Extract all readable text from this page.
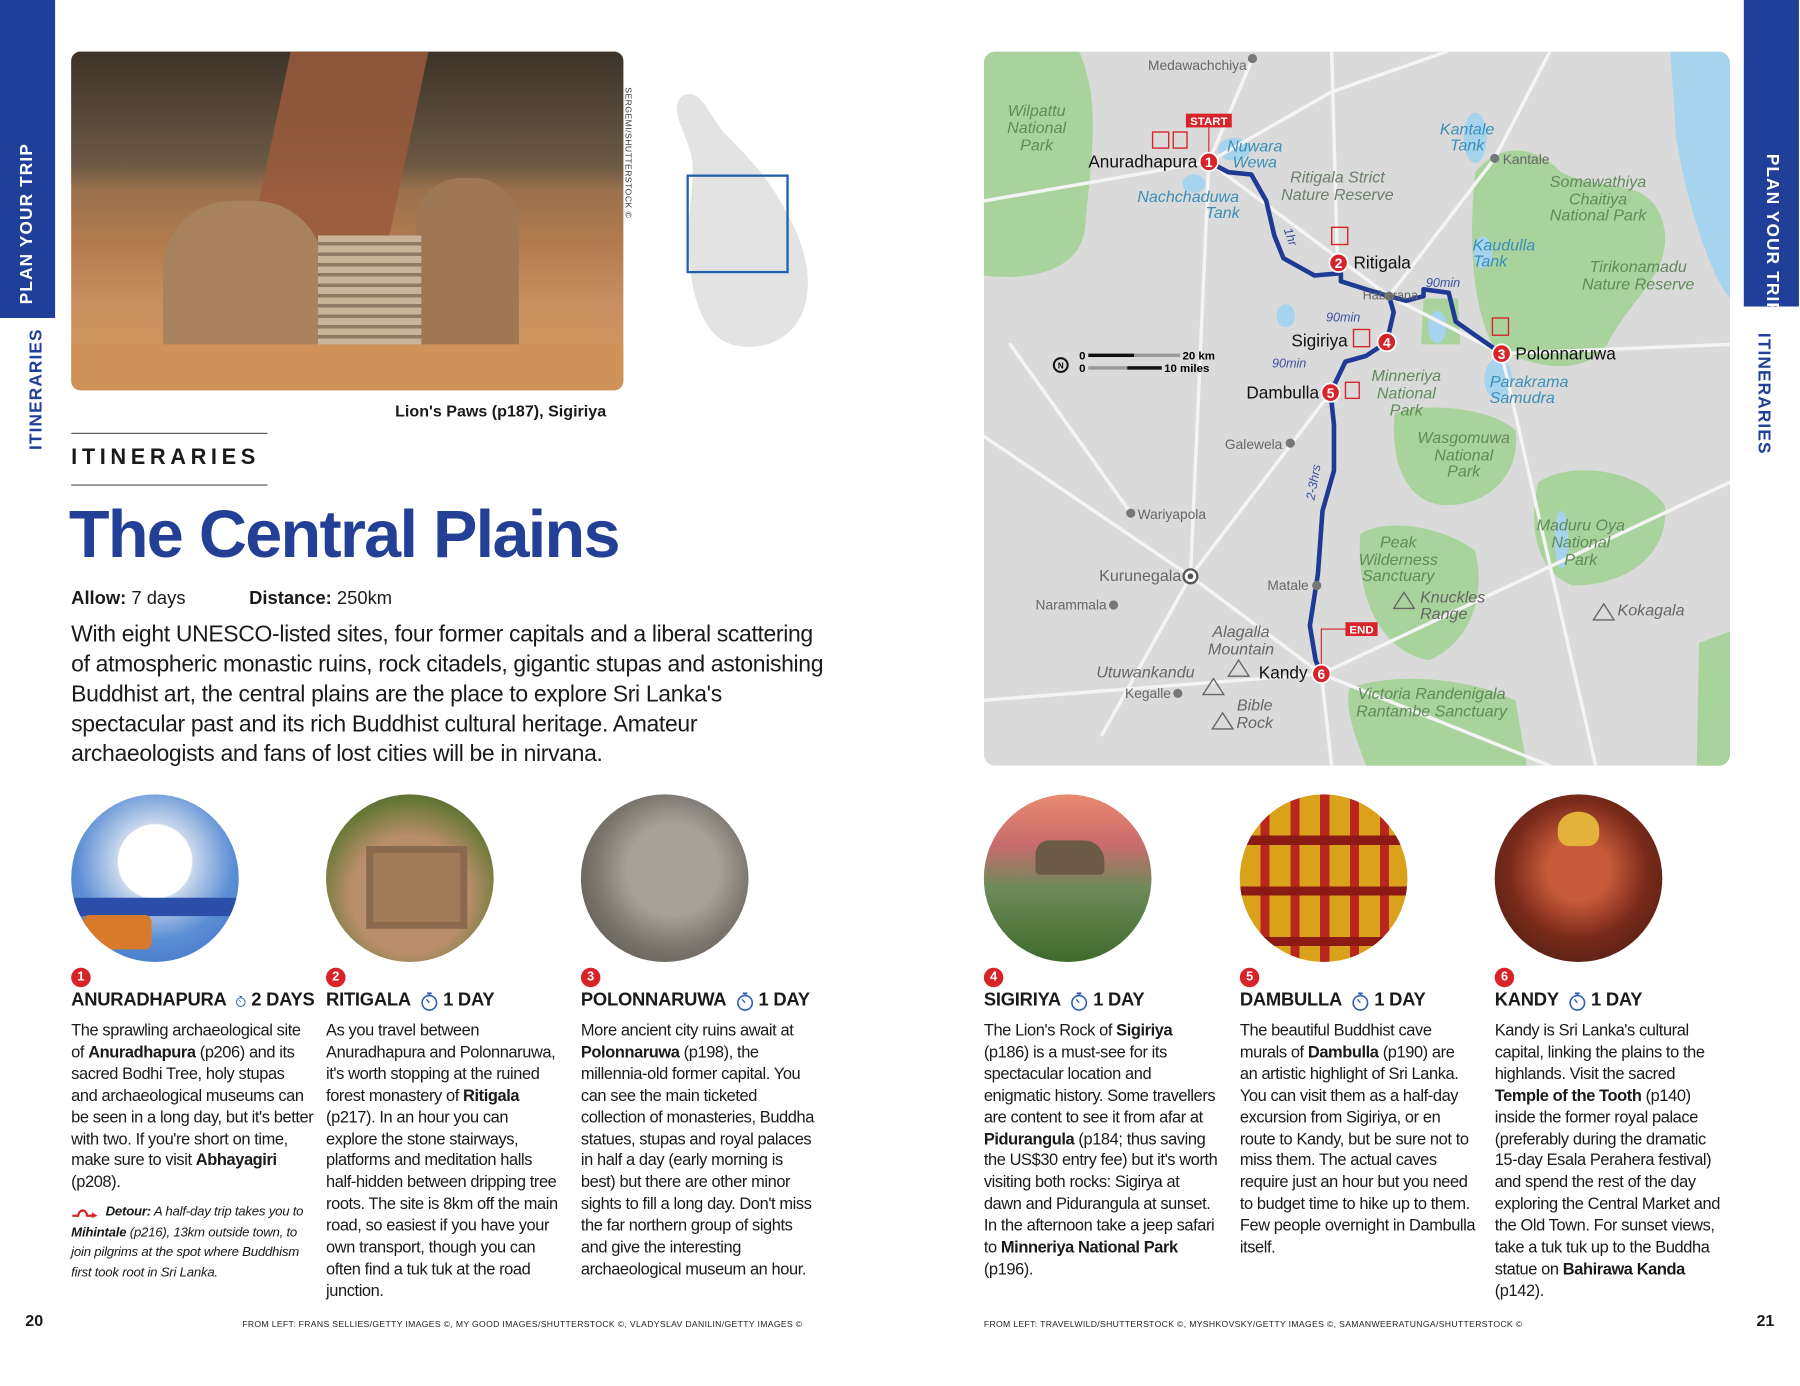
PLAN YOUR TRIP
ITINERARIES
PLAN YOUR TRIP
ITINERARIES
SERGEMI/SHUTTERSTOCK ©
Lion's Paws (p187), Sigiriya
ITINERARIES
The Central Plains
Allow: 7 days	Distance: 250km
With eight UNESCO-listed sites, four former capitals and a liberal scattering of atmospheric monastic ruins, rock citadels, gigantic stupas and astonishing Buddhist art, the central plains are the place to explore Sri Lanka's spectacular past and its rich Buddhist cultural heritage. Amateur archaeologists and fans of lost cities will be in nirvana.
Medawachchiya
Kantale
Habarana
Galewela
Wariyapola
Kurunegala
Matale
Narammala
Kegalle
Wilpattu
National
Park
Ritigala Strict
Nature Reserve
Somawathiya
Chaitiya
National Park
Tirikonamadu
Nature Reserve
Minneriya
National
Park
Wasgomuwa
National
Park
Maduru Oya
National
Park
Peak
Wilderness
Sanctuary
Victoria Randenigala
Rantambe Sanctuary
Nuwara
Wewa
Nachchaduwa
Tank
Kantale
Tank
Kaudulla
Tank
Parakrama
Samudra
Knuckles
Range	Kokagala
Alagalla
Mountain
Utuwankandu
Bible
Rock
1hr
90min
90min
90min
2-3hrs
START
END
1
Anuradhapura
2 Ritigala
3 Polonnaruwa
4
Sigiriya
5
Dambulla
6
Kandy
N
0
0
20 km
10 miles
1
ANURADHAPURA 2 DAYS
The sprawling archaeological site of Anuradhapura (p206) and its sacred Bodhi Tree, holy stupas and archaeological museums can be seen in a long day, but it's better with two. If you're short on time, make sure to visit Abhayagiri (p208).
Detour: A half-day trip takes you to Mihintale (p216), 13km outside town, to join pilgrims at the spot where Buddhism first took root in Sri Lanka.
2
RITIGALA 1 DAY
As you travel between Anuradhapura and Polonnaruwa, it's worth stopping at the ruined forest monastery of Ritigala (p217). In an hour you can explore the stone stairways, platforms and meditation halls half-hidden between dripping tree roots. The site is 8km off the main road, so easiest if you have your own transport, though you can often find a tuk tuk at the road junction.
3
POLONNARUWA 1 DAY
More ancient city ruins await at Polonnaruwa (p198), the millennia-old former capital. You can see the main ticketed collection of monasteries, Buddha statues, stupas and royal palaces in half a day (early morning is best) but there are other minor sights to fill a long day. Don't miss the far northern group of sights and give the interesting archaeological museum an hour.
4
SIGIRIYA 1 DAY
The Lion's Rock of Sigiriya (p186) is a must-see for its spectacular location and enigmatic history. Some travellers are content to see it from afar at Pidurangula (p184; thus saving the US$30 entry fee) but it's worth visiting both rocks: Sigirya at dawn and Pidurangula at sunset. In the afternoon take a jeep safari to Minneriya National Park (p196).
5
DAMBULLA 1 DAY
The beautiful Buddhist cave murals of Dambulla (p190) are an artistic highlight of Sri Lanka. You can visit them as a half-day excursion from Sigiriya, or en route to Kandy, but be sure not to miss them. The actual caves require just an hour but you need to budget time to hike up to them. Few people overnight in Dambulla itself.
6
KANDY 1 DAY
Kandy is Sri Lanka's cultural capital, linking the plains to the highlands. Visit the sacred Temple of the Tooth (p140) inside the former royal palace (preferably during the dramatic 15-day Esala Perahera festival) and spend the rest of the day exploring the Central Market and the Old Town. For sunset views, take a tuk tuk up to the Buddha statue on Bahirawa Kanda (p142).
20	FROM LEFT: FRANS SELLIES/GETTY IMAGES ©, MY GOOD IMAGES/SHUTTERSTOCK ©, VLADYSLAV DANILIN/GETTY IMAGES ©	FROM LEFT: TRAVELWILD/SHUTTERSTOCK ©, MYSHKOVSKY/GETTY IMAGES ©, SAMANWEERATUNGA/SHUTTERSTOCK ©	21
